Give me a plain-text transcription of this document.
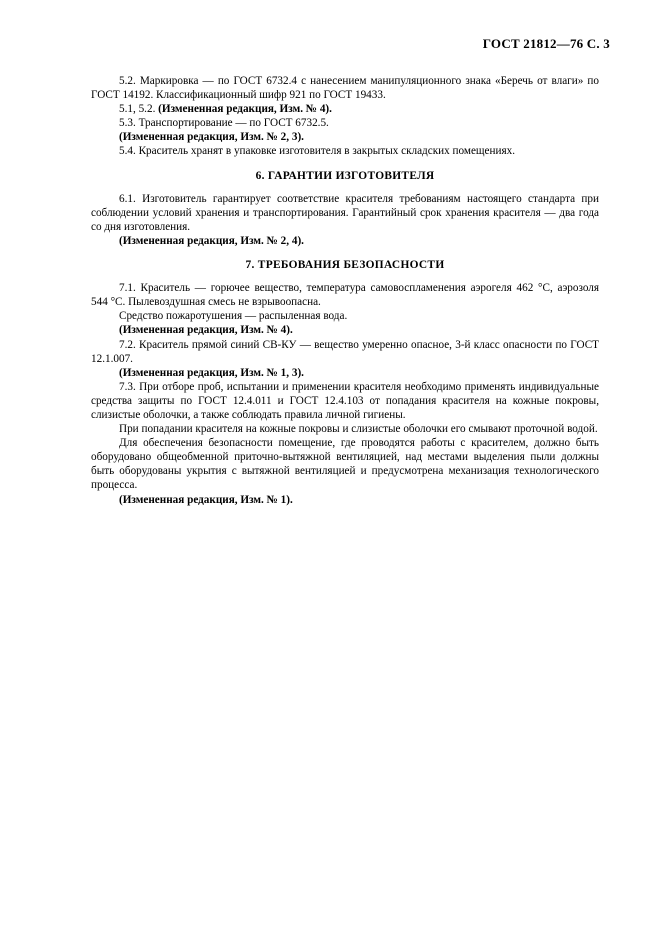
ГОСТ 21812—76 С. 3

5.2. Маркировка — по ГОСТ 6732.4 с нанесением манипуляционного знака «Беречь от влаги» по ГОСТ 14192. Классификационный шифр 921 по ГОСТ 19433.

5.1, 5.2. (Измененная редакция, Изм. № 4).

5.3. Транспортирование — по ГОСТ 6732.5.

(Измененная редакция, Изм. № 2, 3).

5.4. Краситель хранят в упаковке изготовителя в закрытых складских помещениях.

6. ГАРАНТИИ ИЗГОТОВИТЕЛЯ

6.1. Изготовитель гарантирует соответствие красителя требованиям настоящего стандарта при соблюдении условий хранения и транспортирования. Гарантийный срок хранения красителя — два года со дня изготовления.

(Измененная редакция, Изм. № 2, 4).

7. ТРЕБОВАНИЯ БЕЗОПАСНОСТИ

7.1. Краситель — горючее вещество, температура самовоспламенения аэрогеля 462 °С, аэрозоля 544 °С. Пылевоздушная смесь не взрывоопасна.

Средство пожаротушения — распыленная вода.

(Измененная редакция, Изм. № 4).

7.2. Краситель прямой синий СВ-КУ — вещество умеренно опасное, 3-й класс опасности по ГОСТ 12.1.007.

(Измененная редакция, Изм. № 1, 3).

7.3. При отборе проб, испытании и применении красителя необходимо применять индивидуальные средства защиты по ГОСТ 12.4.011 и ГОСТ 12.4.103 от попадания красителя на кожные покровы, слизистые оболочки, а также соблюдать правила личной гигиены.

При попадании красителя на кожные покровы и слизистые оболочки его смывают проточной водой.

Для обеспечения безопасности помещение, где проводятся работы с красителем, должно быть оборудовано общеобменной приточно-вытяжной вентиляцией, над местами выделения пыли должны быть оборудованы укрытия с вытяжной вентиляцией и предусмотрена механизация технологического процесса.

(Измененная редакция, Изм. № 1).
